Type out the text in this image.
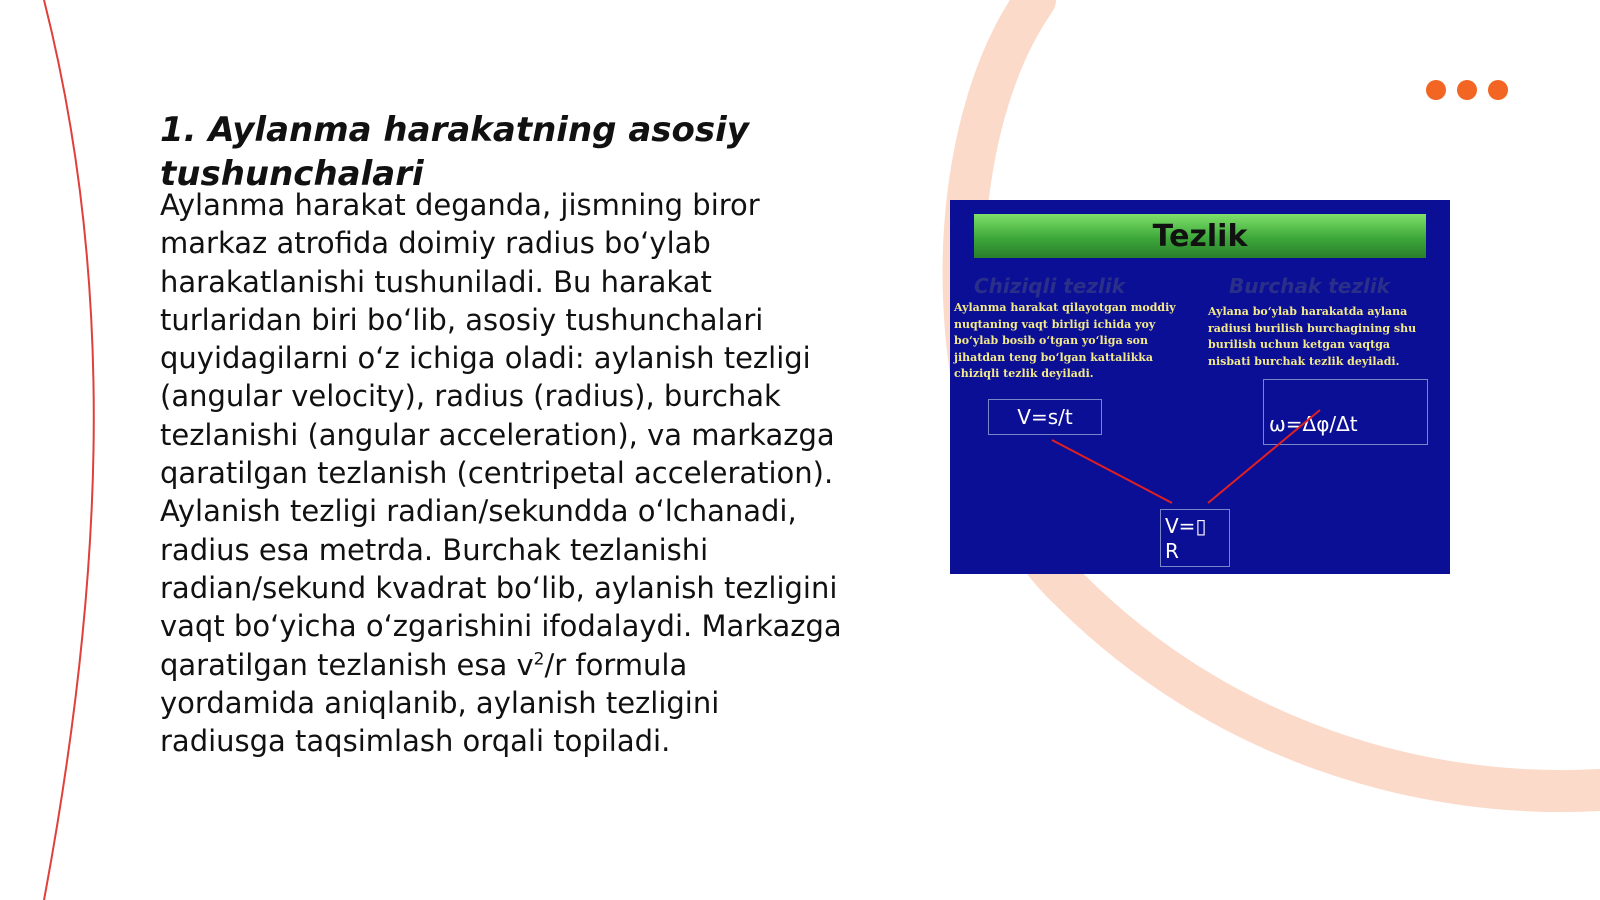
1. Aylanma harakatning asosiy tushunchalari

Aylanma harakat deganda, jismning biror markaz atrofida doimiy radius bo‘ylab harakatlanishi tushuniladi. Bu harakat turlaridan biri bo‘lib, asosiy tushunchalari quyidagilarni o‘z ichiga oladi: aylanish tezligi (angular velocity), radius (radius), burchak tezlanishi (angular acceleration), va markazga qaratilgan tezlanish (centripetal acceleration). Aylanish tezligi radian/sekundda o‘lchanadi, radius esa metrda. Burchak tezlanishi radian/sekund kvadrat bo‘lib, aylanish tezligini vaqt bo‘yicha o‘zgarishini ifodalaydi. Markazga qaratilgan tezlanish esa $v^2/r$ formula yordamida aniqlanib, aylanish tezligini radiusga taqsimlash orqali topiladi.

Tezlik
Chiziqli tezlik	Burchak tezlik
Aylanma harakat qilayotgan moddiy nuqtaning vaqt birligi ichida yoy bo‘ylab bosib o‘tgan yo‘liga son jihatdan teng bo‘lgan kattalikka chiziqli tezlik deyiladi.
Aylana bo‘ylab harakatda aylana radiusi burilish burchagining shu burilish uchun ketgan vaqtga nisbati burchak tezlik deyiladi.
V=s/t	ω=Δφ/Δt
V=▯
R
